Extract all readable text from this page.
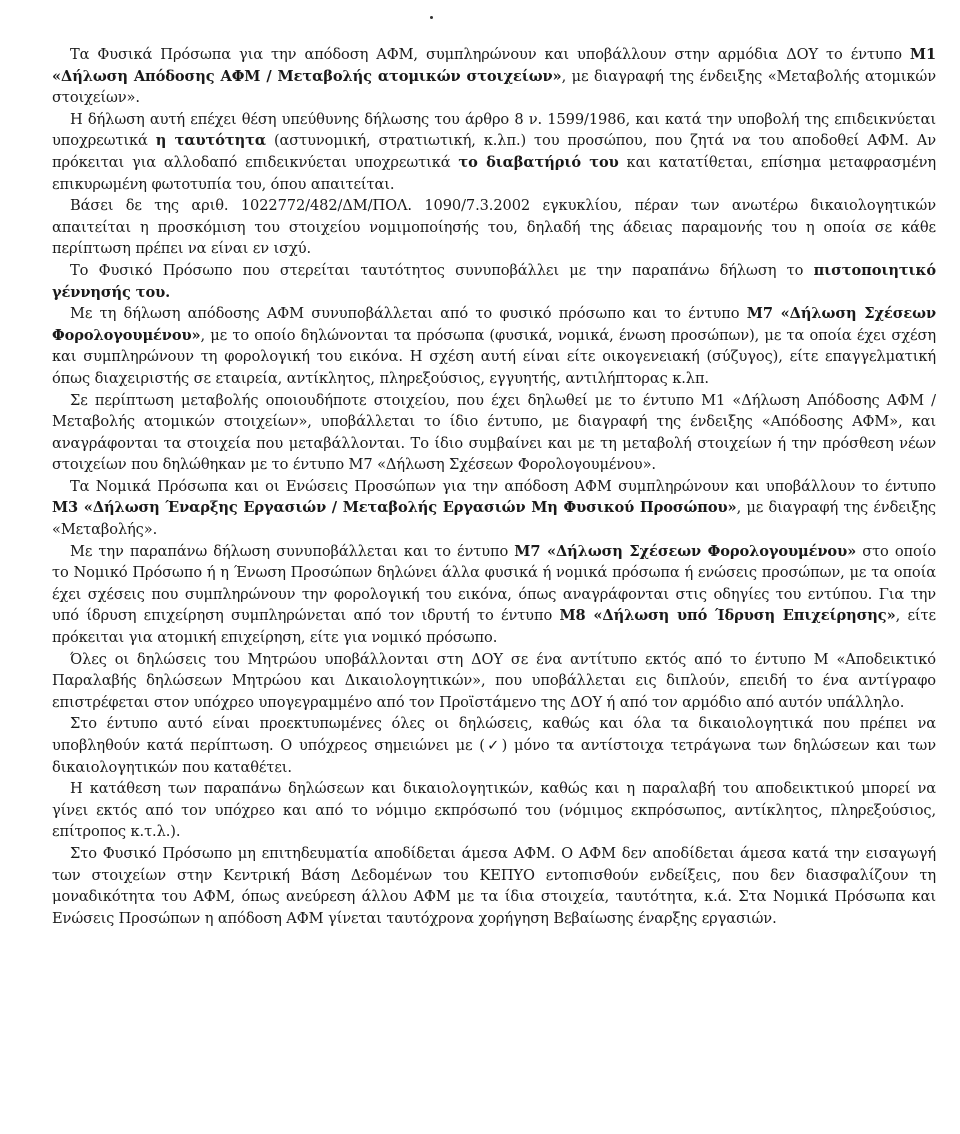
Τα Φυσικά Πρόσωπα για την απόδοση ΑΦΜ, συμπληρώνουν και υποβάλλουν στην αρμόδια ΔΟΥ το έντυπο Μ1 «Δήλωση Απόδοσης ΑΦΜ / Μεταβολής ατομικών στοιχείων», με διαγραφή της ένδειξης «Μεταβολής ατομικών στοιχείων».

Η δήλωση αυτή επέχει θέση υπεύθυνης δήλωσης του άρθρο 8 ν. 1599/1986, και κατά την υποβολή της επιδεικνύεται υποχρεωτικά η ταυτότητα (αστυνομική, στρατιωτική, κ.λπ.) του προσώπου, που ζητά να του αποδοθεί ΑΦΜ. Αν πρόκειται για αλλοδαπό επιδεικνύεται υποχρεωτικά το διαβατήριό του και κατατίθεται, επίσημα μεταφρασμένη επικυρωμένη φωτοτυπία του, όπου απαιτείται.

Βάσει δε της αριθ. 1022772/482/ΔΜ/ΠΟΛ. 1090/7.3.2002 εγκυκλίου, πέραν των ανωτέρω δικαιολογητικών απαιτείται η προσκόμιση του στοιχείου νομιμοποίησής του, δηλαδή της άδειας παραμονής του η οποία σε κάθε περίπτωση πρέπει να είναι εν ισχύ.

Το Φυσικό Πρόσωπο που στερείται ταυτότητος συνυποβάλλει με την παραπάνω δήλωση το πιστοποιητικό γέννησής του.

Με τη δήλωση απόδοσης ΑΦΜ συνυποβάλλεται από το φυσικό πρόσωπο και το έντυπο Μ7 «Δήλωση Σχέσεων Φορολογουμένου», με το οποίο δηλώνονται τα πρόσωπα (φυσικά, νομικά, ένωση προσώπων), με τα οποία έχει σχέση και συμπληρώνουν τη φορολογική του εικόνα. Η σχέση αυτή είναι είτε οικογενειακή (σύζυγος), είτε επαγγελματική όπως διαχειριστής σε εταιρεία, αντίκλητος, πληρεξούσιος, εγγυητής, αντιλήπτορας κ.λπ.

Σε περίπτωση μεταβολής οποιουδήποτε στοιχείου, που έχει δηλωθεί με το έντυπο Μ1 «Δήλωση Απόδοσης ΑΦΜ / Μεταβολής ατομικών στοιχείων», υποβάλλεται το ίδιο έντυπο, με διαγραφή της ένδειξης «Απόδοσης ΑΦΜ», και αναγράφονται τα στοιχεία που μεταβάλλονται. Το ίδιο συμβαίνει και με τη μεταβολή στοιχείων ή την πρόσθεση νέων στοιχείων που δηλώθηκαν με το έντυπο Μ7 «Δήλωση Σχέσεων Φορολογουμένου».

Τα Νομικά Πρόσωπα και οι Ενώσεις Προσώπων για την απόδοση ΑΦΜ συμπληρώνουν και υποβάλλουν το έντυπο Μ3 «Δήλωση Έναρξης Εργασιών / Μεταβολής Εργασιών Μη Φυσικού Προσώπου», με διαγραφή της ένδειξης «Μεταβολής».

Με την παραπάνω δήλωση συνυποβάλλεται και το έντυπο Μ7 «Δήλωση Σχέσεων Φορολογουμένου» στο οποίο το Νομικό Πρόσωπο ή η Ένωση Προσώπων δηλώνει άλλα φυσικά ή νομικά πρόσωπα ή ενώσεις προσώπων, με τα οποία έχει σχέσεις που συμπληρώνουν την φορολογική του εικόνα, όπως αναγράφονται στις οδηγίες του εντύπου. Για την υπό ίδρυση επιχείρηση συμπληρώνεται από τον ιδρυτή το έντυπο Μ8 «Δήλωση υπό Ίδρυση Επιχείρησης», είτε πρόκειται για ατομική επιχείρηση, είτε για νομικό πρόσωπο.

Όλες οι δηλώσεις του Μητρώου υποβάλλονται στη ΔΟΥ σε ένα αντίτυπο εκτός από το έντυπο Μ «Αποδεικτικό Παραλαβής δηλώσεων Μητρώου και Δικαιολογητικών», που υποβάλλεται εις διπλούν, επειδή το ένα αντίγραφο επιστρέφεται στον υπόχρεο υπογεγραμμένο από τον Προϊστάμενο της ΔΟΥ ή από τον αρμόδιο από αυτόν υπάλληλο.

Στο έντυπο αυτό είναι προεκτυπωμένες όλες οι δηλώσεις, καθώς και όλα τα δικαιολογητικά που πρέπει να υποβληθούν κατά περίπτωση. Ο υπόχρεος σημειώνει με (✓) μόνο τα αντίστοιχα τετράγωνα των δηλώσεων και των δικαιολογητικών που καταθέτει.

Η κατάθεση των παραπάνω δηλώσεων και δικαιολογητικών, καθώς και η παραλαβή του αποδεικτικού μπορεί να γίνει εκτός από τον υπόχρεο και από το νόμιμο εκπρόσωπό του (νόμιμος εκπρόσωπος, αντίκλητος, πληρεξούσιος, επίτροπος κ.τ.λ.).

Στο Φυσικό Πρόσωπο μη επιτηδευματία αποδίδεται άμεσα ΑΦΜ. Ο ΑΦΜ δεν αποδίδεται άμεσα κατά την εισαγωγή των στοιχείων στην Κεντρική Βάση Δεδομένων του ΚΕΠΥΟ εντοπισθούν ενδείξεις, που δεν διασφαλίζουν τη μοναδικότητα του ΑΦΜ, όπως ανεύρεση άλλου ΑΦΜ με τα ίδια στοιχεία, ταυτότητα, κ.ά. Στα Νομικά Πρόσωπα και Ενώσεις Προσώπων η απόδοση ΑΦΜ γίνεται ταυτόχρονα χορήγηση Βεβαίωσης έναρξης εργασιών.
